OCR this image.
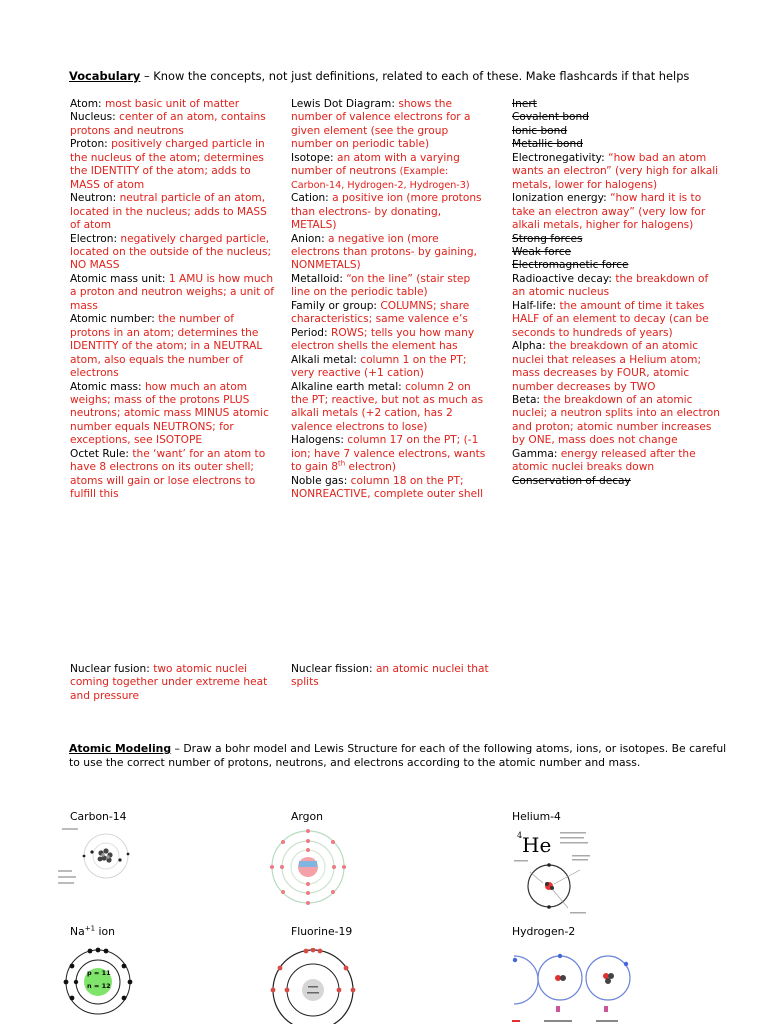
Vocabulary – Know the concepts, not just definitions, related to each of these. Make flashcards if that helps
Atom: most basic unit of matter
Nucleus: center of an atom, contains protons and neutrons
Proton: positively charged particle in the nucleus of the atom; determines the IDENTITY of the atom; adds to MASS of atom
Neutron: neutral particle of an atom, located in the nucleus; adds to MASS of atom
Electron: negatively charged particle, located on the outside of the nucleus; NO MASS
Atomic mass unit: 1 AMU is how much a proton and neutron weighs; a unit of mass
Atomic number: the number of protons in an atom; determines the IDENTITY of the atom; in a NEUTRAL atom, also equals the number of electrons
Atomic mass: how much an atom weighs; mass of the protons PLUS neutrons; atomic mass MINUS atomic number equals NEUTRONS; for exceptions, see ISOTOPE
Octet Rule: the ‘want’ for an atom to have 8 electrons on its outer shell; atoms will gain or lose electrons to fulfill this
Lewis Dot Diagram: shows the number of valence electrons for a given element (see the group number on periodic table)
Isotope: an atom with a varying number of neutrons (Example: Carbon-14, Hydrogen-2, Hydrogen-3)
Cation: a positive ion (more protons than electrons- by donating, METALS)
Anion: a negative ion (more electrons than protons- by gaining, NONMETALS)
Metalloid: “on the line” (stair step line on the periodic table)
Family or group: COLUMNS; share characteristics; same valence e’s
Period: ROWS; tells you how many electron shells the element has
Alkali metal: column 1 on the PT; very reactive (+1 cation)
Alkaline earth metal: column 2 on the PT; reactive, but not as much as alkali metals (+2 cation, has 2 valence electrons to lose)
Halogens: column 17 on the PT; (-1 ion; have 7 valence electrons, wants to gain 8th electron)
Noble gas: column 18 on the PT; NONREACTIVE, complete outer shell
Inert
Covalent bond
Ionic bond
Metallic bond
Electronegativity: “how bad an atom wants an electron” (very high for alkali metals, lower for halogens)
Ionization energy: “how hard it is to take an electron away” (very low for alkali metals, higher for halogens)
Strong forces
Weak force
Electromagnetic force
Radioactive decay: the breakdown of an atomic nucleus
Half-life: the amount of time it takes HALF of an element to decay (can be seconds to hundreds of years)
Alpha: the breakdown of an atomic nuclei that releases a Helium atom; mass decreases by FOUR, atomic number decreases by TWO
Beta: the breakdown of an atomic nuclei; a neutron splits into an electron and proton; atomic number increases by ONE, mass does not change
Gamma: energy released after the atomic nuclei breaks down
Conservation of decay
Nuclear fusion: two atomic nuclei coming together under extreme heat and pressure
Nuclear fission: an atomic nuclei that splits
Atomic Modeling – Draw a bohr model and Lewis Structure for each of the following atoms, ions, or isotopes. Be careful to use the correct number of protons, neutrons, and electrons according to the atomic number and mass.
Carbon-14	Argon	Helium-4
$Na^{+1}$ ion	Fluorine-19	Hydrogen-2
4 He
p = 11
n = 12
